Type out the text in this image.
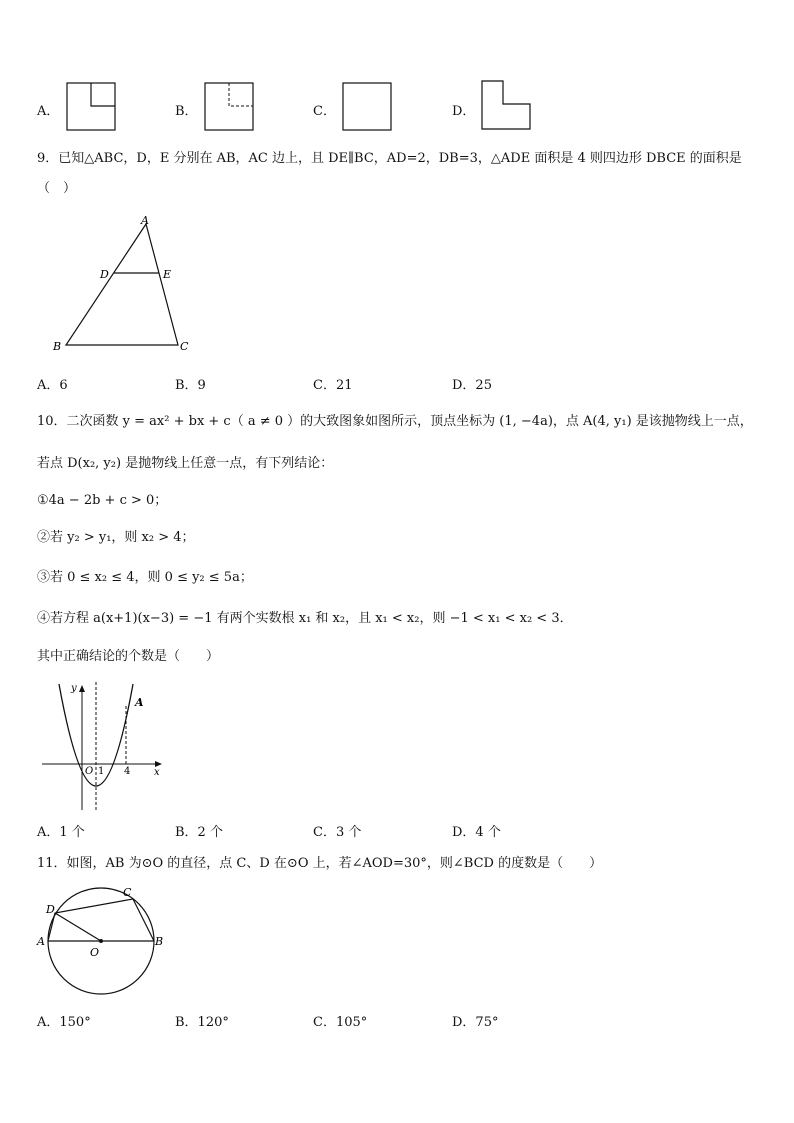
A．	B．	C．	D．
9．已知△ABC，D，E 分别在 AB，AC 边上，且 DE∥BC，AD=2，DB=3，△ADE 面积是 4 则四边形 DBCE 的面积是
（　）
A
D	E
B	C
A．6	B．9	C．21	D．25
10．二次函数 y = ax² + bx + c（ a ≠ 0 ）的大致图象如图所示，顶点坐标为 (1, −4a)，点 A(4, y₁) 是该抛物线上一点，
若点 D(x₂, y₂) 是抛物线上任意一点，有下列结论：
①4a − 2b + c > 0；
②若 y₂ > y₁，则 x₂ > 4；
③若 0 ≤ x₂ ≤ 4，则 0 ≤ y₂ ≤ 5a；
④若方程 a(x+1)(x−3) = −1 有两个实数根 x₁ 和 x₂，且 x₁ < x₂，则 −1 < x₁ < x₂ < 3．
其中正确结论的个数是（　　）
y
x
O 1 4
A
A．1 个	B．2 个	C．3 个	D．4 个
11．如图，AB 为⊙O 的直径，点 C、D 在⊙O 上，若∠AOD=30°，则∠BCD 的度数是（　　）
A	B
C
D
O
A．150°	B．120°	C．105°	D．75°
